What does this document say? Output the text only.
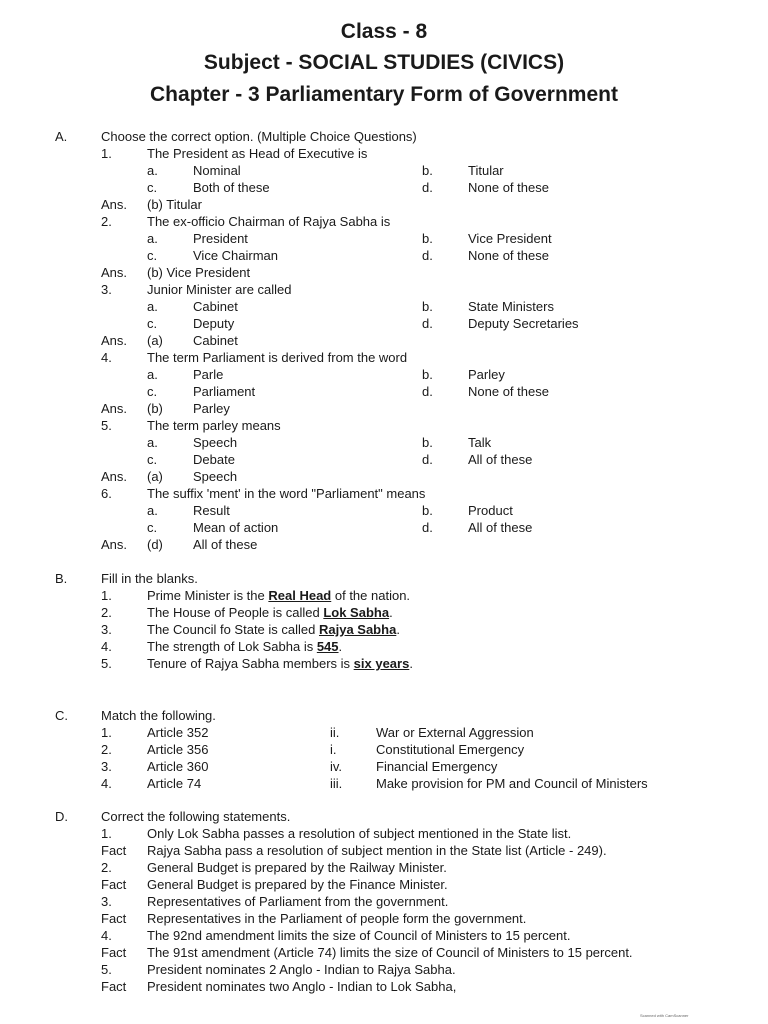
Class - 8
Subject - SOCIAL STUDIES (CIVICS)
Chapter - 3 Parliamentary Form of Government
A.	Choose the correct option. (Multiple Choice Questions)
1.	The President as Head of Executive is
a.	Nominal	b.	Titular
c.	Both of these	d.	None of these
Ans. (b) Titular
2.	The ex-officio Chairman of Rajya Sabha is
a.	President	b.	Vice President
c.	Vice Chairman	d.	None of these
Ans. (b) Vice President
3.	Junior Minister are called
a.	Cabinet	b.	State Ministers
c.	Deputy	d.	Deputy Secretaries
Ans. (a) Cabinet
4.	The term Parliament is derived from the word
a.	Parle	b.	Parley
c.	Parliament	d.	None of these
Ans. (b) Parley
5.	The term parley means
a.	Speech	b.	Talk
c.	Debate	d.	All of these
Ans. (a) Speech
6.	The suffix 'ment' in the word "Parliament" means
a.	Result	b.	Product
c.	Mean of action	d.	All of these
Ans. (d) All of these
B.	Fill in the blanks.
1.	Prime Minister is the Real Head of the nation.
2.	The House of People is called Lok Sabha.
3.	The Council fo State is called Rajya Sabha.
4.	The strength of Lok Sabha is 545.
5.	Tenure of Rajya Sabha members is six years.
C.	Match the following.
1.	Article 352	ii.	War or External Aggression
2.	Article 356	i.	Constitutional Emergency
3.	Article 360	iv.	Financial Emergency
4.	Article 74	iii.	Make provision for PM and Council of Ministers
D.	Correct the following statements.
1.	Only Lok Sabha passes a resolution of subject mentioned in the State list.
Fact Rajya Sabha pass a resolution of subject mention in the State list (Article - 249).
2.	General Budget is prepared by the Railway Minister.
Fact General Budget is prepared by the Finance Minister.
3.	Representatives of Parliament from the government.
Fact Representatives in the Parliament of people form the government.
4.	The 92nd amendment limits the size of Council of Ministers to 15 percent.
Fact The 91st amendment (Article 74) limits the size of Council of Ministers to 15 percent.
5.	President nominates 2 Anglo - Indian to Rajya Sabha.
Fact President nominates two Anglo - Indian to Lok Sabha,
Scanned with CamScanner
